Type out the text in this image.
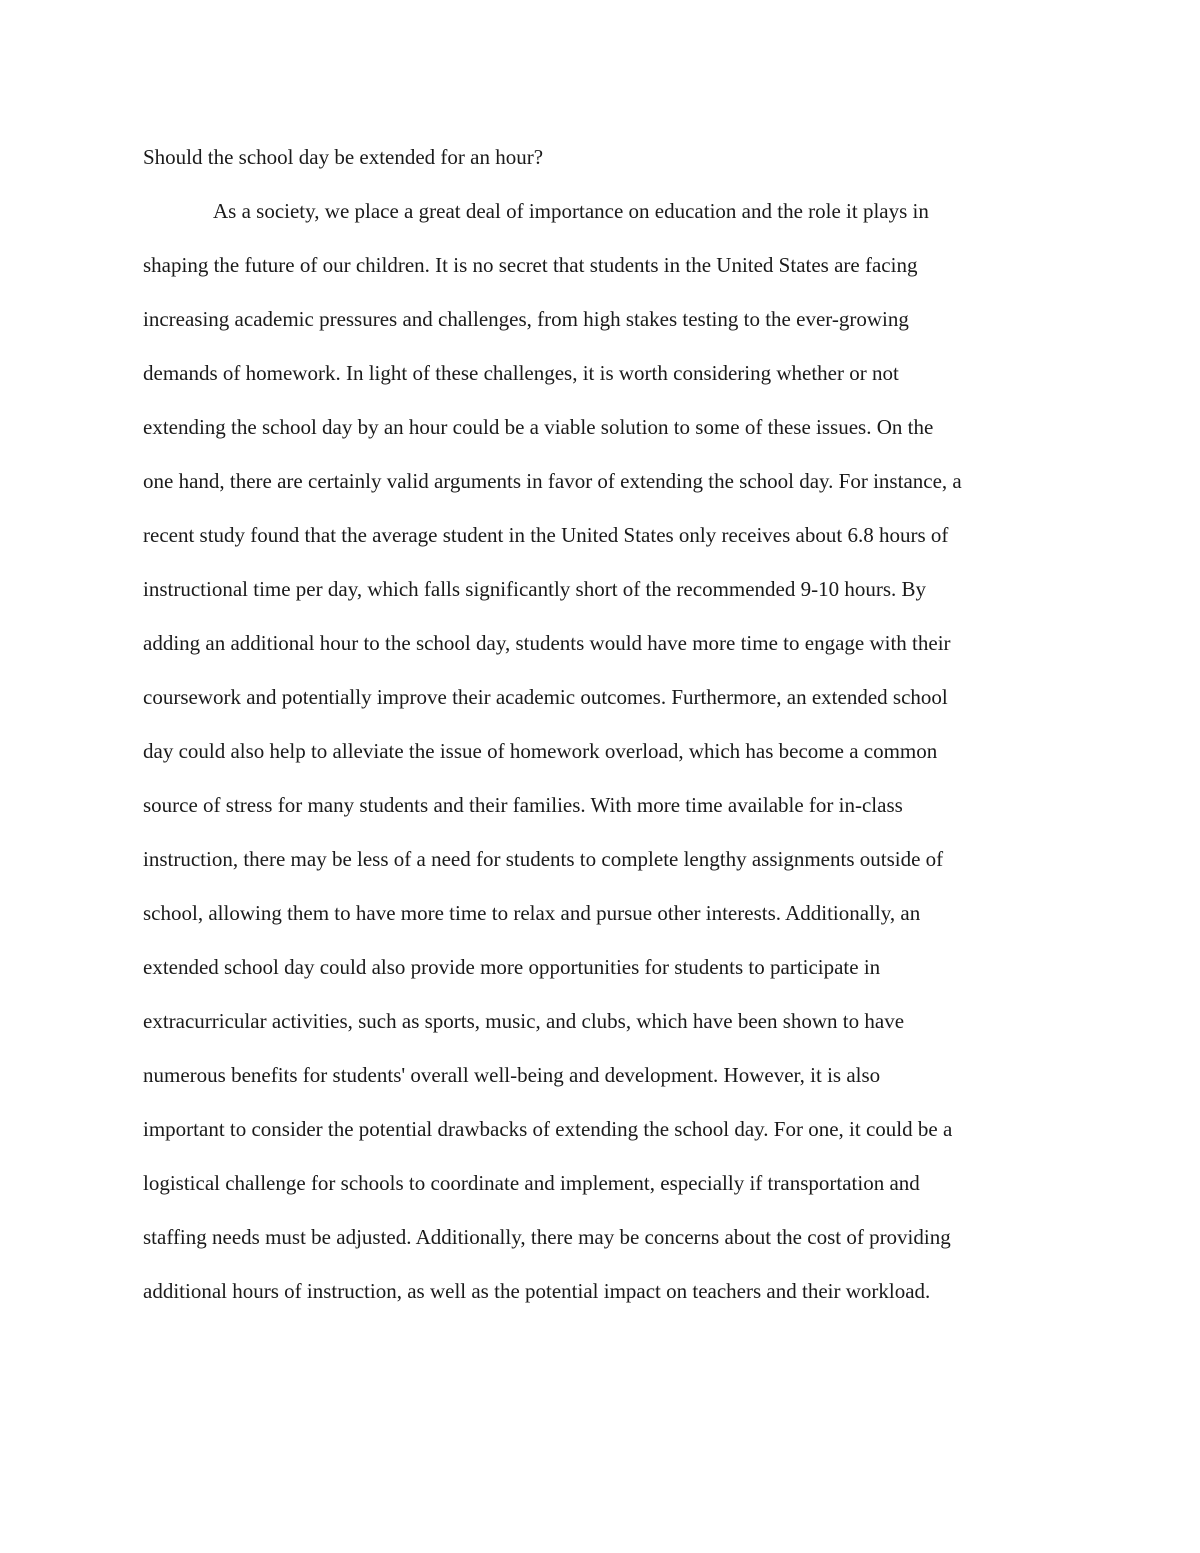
Should the school day be extended for an hour?
As a society, we place a great deal of importance on education and the role it plays in
shaping the future of our children. It is no secret that students in the United States are facing
increasing academic pressures and challenges, from high stakes testing to the ever-growing
demands of homework. In light of these challenges, it is worth considering whether or not
extending the school day by an hour could be a viable solution to some of these issues. On the
one hand, there are certainly valid arguments in favor of extending the school day. For instance, a
recent study found that the average student in the United States only receives about 6.8 hours of
instructional time per day, which falls significantly short of the recommended 9-10 hours. By
adding an additional hour to the school day, students would have more time to engage with their
coursework and potentially improve their academic outcomes. Furthermore, an extended school
day could also help to alleviate the issue of homework overload, which has become a common
source of stress for many students and their families. With more time available for in-class
instruction, there may be less of a need for students to complete lengthy assignments outside of
school, allowing them to have more time to relax and pursue other interests. Additionally, an
extended school day could also provide more opportunities for students to participate in
extracurricular activities, such as sports, music, and clubs, which have been shown to have
numerous benefits for students' overall well-being and development. However, it is also
important to consider the potential drawbacks of extending the school day. For one, it could be a
logistical challenge for schools to coordinate and implement, especially if transportation and
staffing needs must be adjusted. Additionally, there may be concerns about the cost of providing
additional hours of instruction, as well as the potential impact on teachers and their workload.
